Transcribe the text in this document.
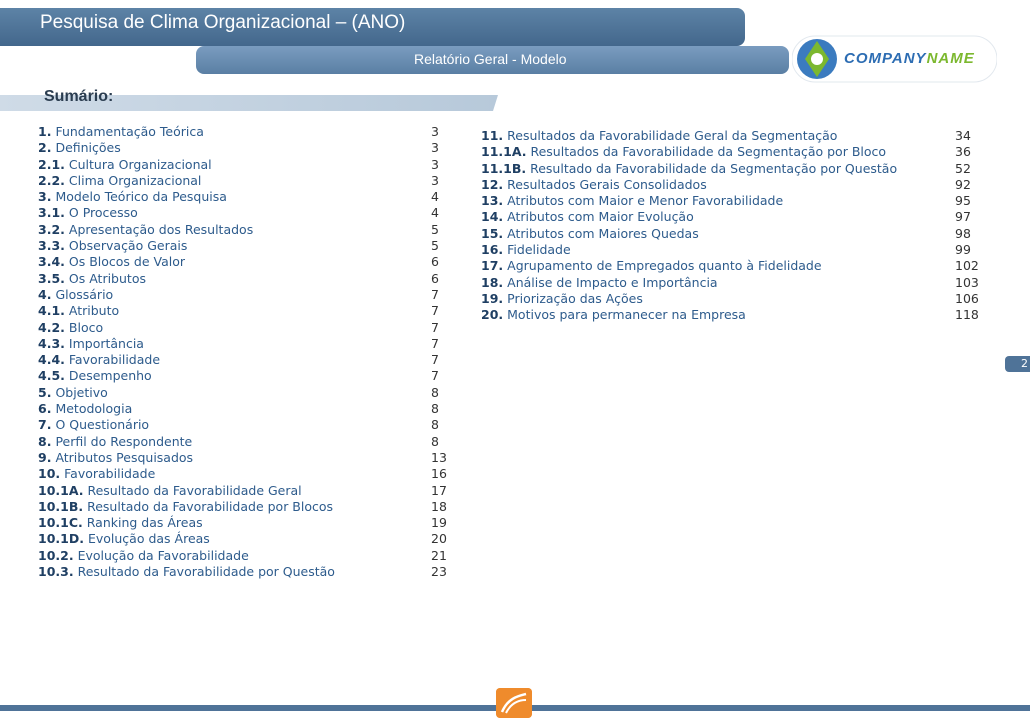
Pesquisa de Clima Organizacional – (ANO)
Relatório Geral - Modelo	COMPANYNAME
Sumário:
1. Fundamentação Teórica	3
2. Definições	3
2.1. Cultura Organizacional	3
2.2. Clima Organizacional	3
3. Modelo Teórico da Pesquisa	4
3.1. O Processo	4
3.2. Apresentação dos Resultados	5
3.3. Observação Gerais	5
3.4. Os Blocos de Valor	6
3.5. Os Atributos	6
4. Glossário	7
4.1. Atributo	7
4.2. Bloco	7
4.3. Importância	7
4.4. Favorabilidade	7
4.5. Desempenho	7
5. Objetivo	8
6. Metodologia	8
7. O Questionário	8
8. Perfil do Respondente	8
9. Atributos Pesquisados	13
10. Favorabilidade	16
10.1A. Resultado da Favorabilidade Geral	17
10.1B. Resultado da Favorabilidade por Blocos	18
10.1C. Ranking das Áreas	19
10.1D. Evolução das Áreas	20
10.2. Evolução da Favorabilidade	21
10.3. Resultado da Favorabilidade por Questão	23
11. Resultados da Favorabilidade Geral da Segmentação	34
11.1A. Resultados da Favorabilidade da Segmentação por Bloco	36
11.1B. Resultado da Favorabilidade da Segmentação por Questão	52
12. Resultados Gerais Consolidados	92
13. Atributos com Maior e Menor Favorabilidade	95
14. Atributos com Maior Evolução	97
15. Atributos com Maiores Quedas	98
16. Fidelidade	99
17. Agrupamento de Empregados quanto à Fidelidade	102
18. Análise de Impacto e Importância	103
19. Priorização das Ações	106
20. Motivos para permanecer na Empresa	118
2
